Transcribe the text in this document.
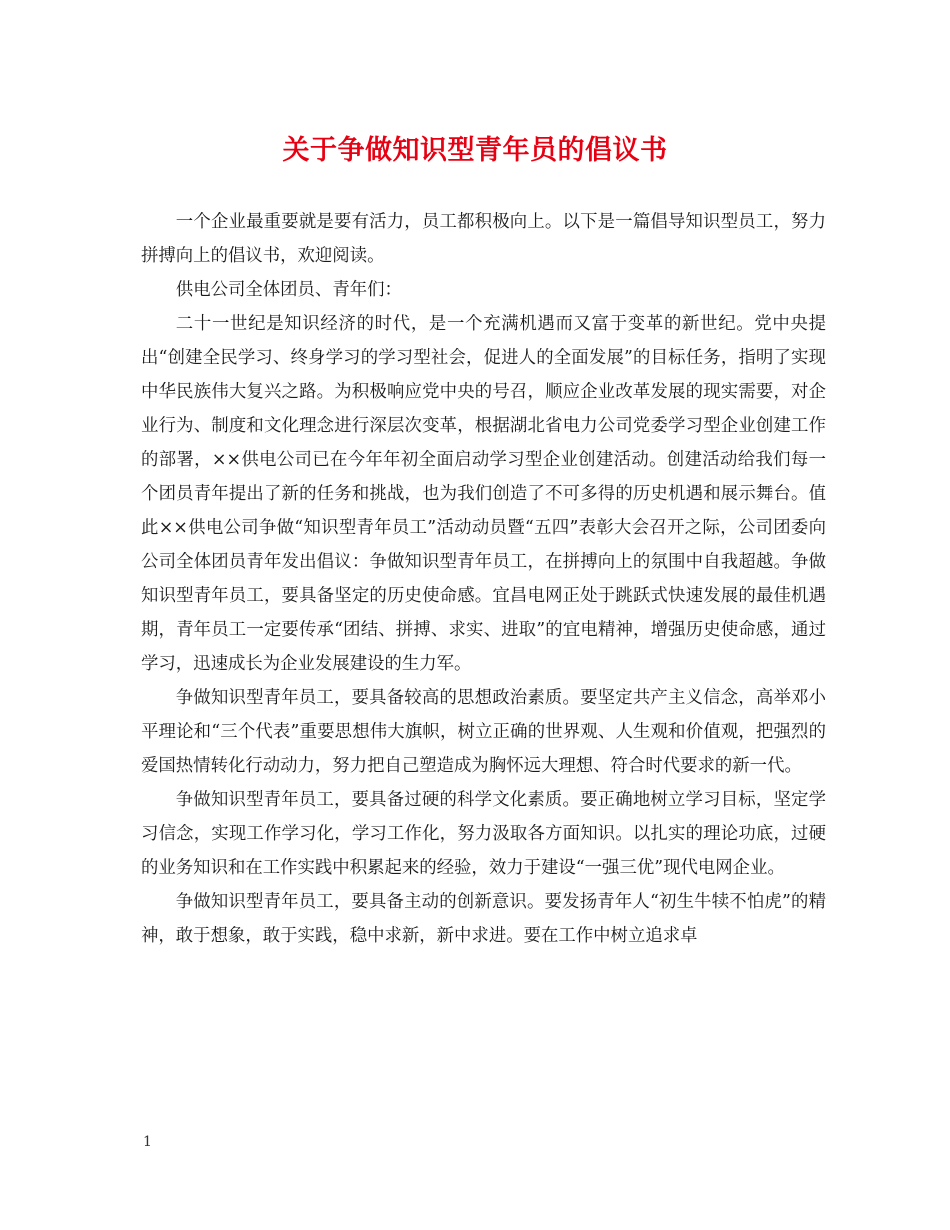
关于争做知识型青年员的倡议书

一个企业最重要就是要有活力，员工都积极向上。以下是一篇倡导知识型员工，努力拼搏向上的倡议书，欢迎阅读。

供电公司全体团员、青年们：

二十一世纪是知识经济的时代，是一个充满机遇而又富于变革的新世纪。党中央提出“创建全民学习、终身学习的学习型社会，促进人的全面发展”的目标任务，指明了实现中华民族伟大复兴之路。为积极响应党中央的号召，顺应企业改革发展的现实需要，对企业行为、制度和文化理念进行深层次变革，根据湖北省电力公司党委学习型企业创建工作的部署，××供电公司已在今年年初全面启动学习型企业创建活动。创建活动给我们每一个团员青年提出了新的任务和挑战，也为我们创造了不可多得的历史机遇和展示舞台。值此××供电公司争做“知识型青年员工”活动动员暨“五四”表彰大会召开之际，公司团委向公司全体团员青年发出倡议：争做知识型青年员工，在拼搏向上的氛围中自我超越。争做知识型青年员工，要具备坚定的历史使命感。宜昌电网正处于跳跃式快速发展的最佳机遇期，青年员工一定要传承“团结、拼搏、求实、进取”的宜电精神，增强历史使命感，通过学习，迅速成长为企业发展建设的生力军。

争做知识型青年员工，要具备较高的思想政治素质。要坚定共产主义信念，高举邓小平理论和“三个代表”重要思想伟大旗帜，树立正确的世界观、人生观和价值观，把强烈的爱国热情转化行动动力，努力把自己塑造成为胸怀远大理想、符合时代要求的新一代。

争做知识型青年员工，要具备过硬的科学文化素质。要正确地树立学习目标，坚定学习信念，实现工作学习化，学习工作化，努力汲取各方面知识。以扎实的理论功底，过硬的业务知识和在工作实践中积累起来的经验，效力于建设“一强三优”现代电网企业。

争做知识型青年员工，要具备主动的创新意识。要发扬青年人“初生牛犊不怕虎”的精神，敢于想象，敢于实践，稳中求新，新中求进。要在工作中树立追求卓

1
